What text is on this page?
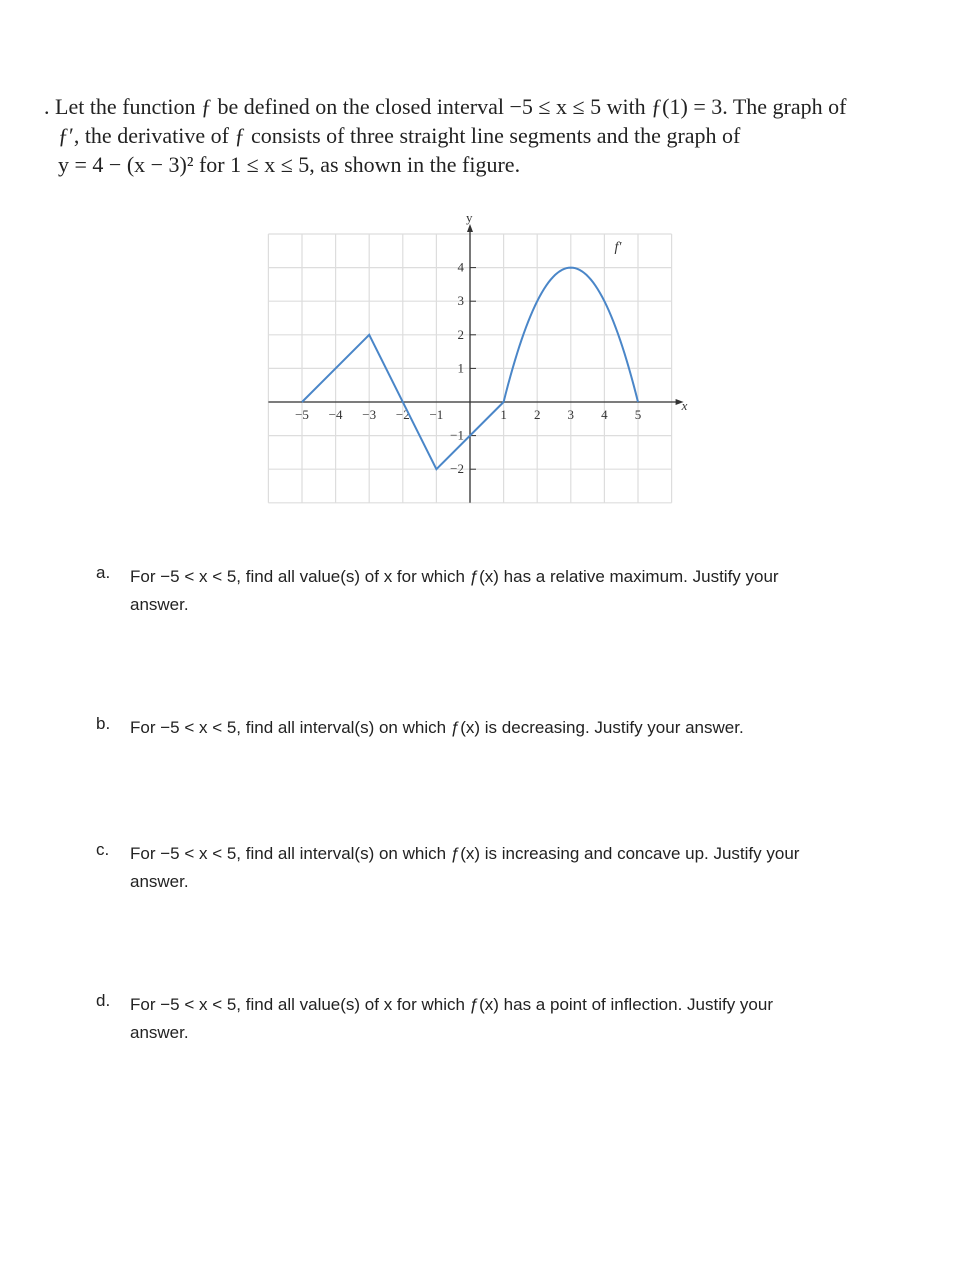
. Let the function ƒ be defined on the closed interval −5 ≤ x ≤ 5 with ƒ(1) = 3. The graph of
ƒ′, the derivative of ƒ consists of three straight line segments and the graph of
y = 4 − (x − 3)² for 1 ≤ x ≤ 5, as shown in the figure.
x
y
−5 −4 −3 −2 −1	1 2 3 4 5
4
3
2
1
−1
−2
f′
a. For −5 < x < 5, find all value(s) of x for which ƒ(x) has a relative maximum. Justify your
answer.
b. For −5 < x < 5, find all interval(s) on which ƒ(x) is decreasing. Justify your answer.
c. For −5 < x < 5, find all interval(s) on which ƒ(x) is increasing and concave up. Justify your
answer.
d. For −5 < x < 5, find all value(s) of x for which ƒ(x) has a point of inflection. Justify your
answer.
